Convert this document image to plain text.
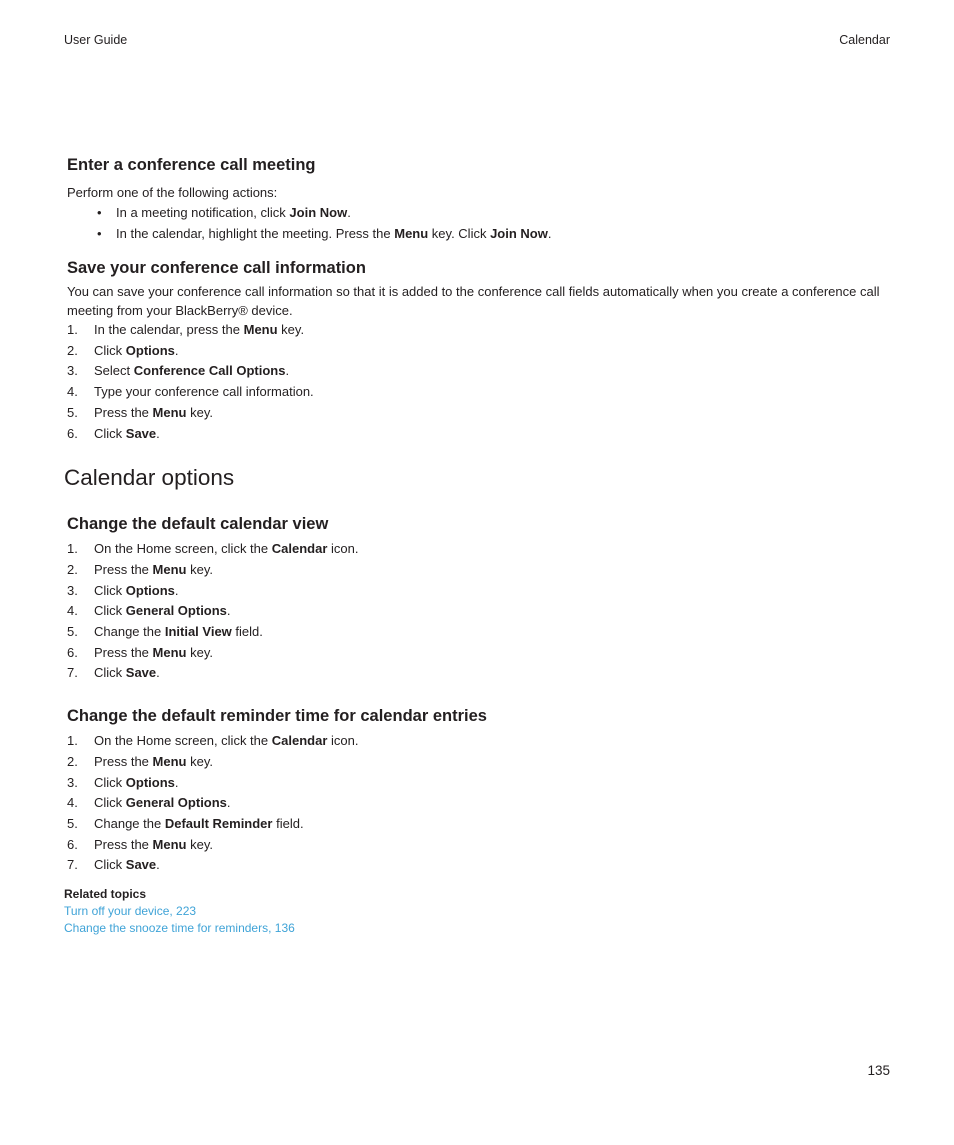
User Guide	Calendar
Enter a conference call meeting
Perform one of the following actions:
• In a meeting notification, click Join Now.
• In the calendar, highlight the meeting. Press the Menu key. Click Join Now.
Save your conference call information
You can save your conference call information so that it is added to the conference call fields automatically when you create a conference call meeting from your BlackBerry® device.
1. In the calendar, press the Menu key.
2. Click Options.
3. Select Conference Call Options.
4. Type your conference call information.
5. Press the Menu key.
6. Click Save.
Calendar options
Change the default calendar view
1. On the Home screen, click the Calendar icon.
2. Press the Menu key.
3. Click Options.
4. Click General Options.
5. Change the Initial View field.
6. Press the Menu key.
7. Click Save.
Change the default reminder time for calendar entries
1. On the Home screen, click the Calendar icon.
2. Press the Menu key.
3. Click Options.
4. Click General Options.
5. Change the Default Reminder field.
6. Press the Menu key.
7. Click Save.
Related topics
Turn off your device, 223
Change the snooze time for reminders, 136
135
